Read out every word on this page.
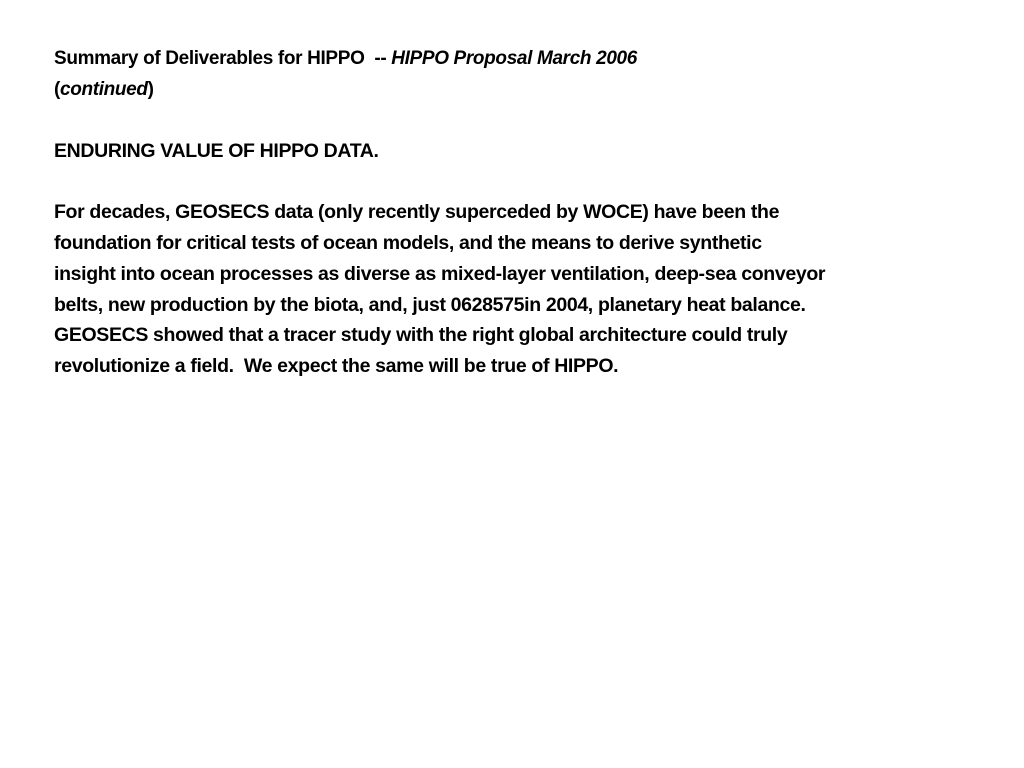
Summary of Deliverables for HIPPO  -- HIPPO Proposal March 2006
(continued)
ENDURING VALUE OF HIPPO DATA.
For decades, GEOSECS data (only recently superceded by WOCE) have been the
foundation for critical tests of ocean models, and the means to derive synthetic
insight into ocean processes as diverse as mixed-layer ventilation, deep-sea conveyor
belts, new production by the biota, and, just 0628575in 2004, planetary heat balance.
GEOSECS showed that a tracer study with the right global architecture could truly
revolutionize a field.  We expect the same will be true of HIPPO.
